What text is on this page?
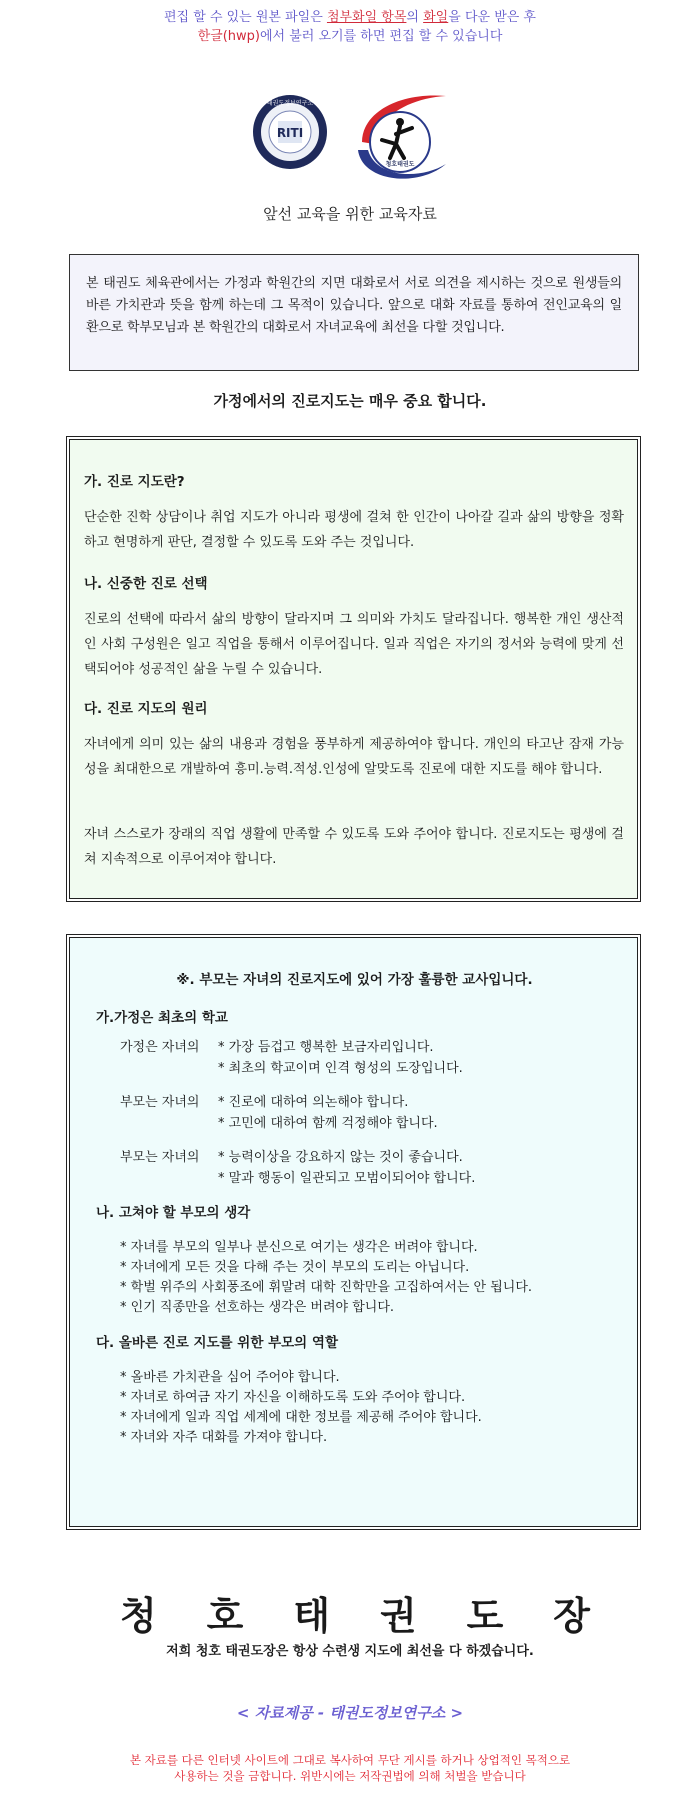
편집 할 수 있는 원본 파일은 첨부화일 항목의 화일을 다운 받은 후
한글(hwp)에서 불러 오기를 하면 편집 할 수 있습니다
RITI
태권도정보연구소
청호태권도
앞선 교육을 위한 교육자료
본 태권도 체육관에서는 가정과 학원간의 지면 대화로서 서로 의견을 제시하는 것으로 원생들의 바른 가치관과 뜻을 함께 하는데 그 목적이 있습니다. 앞으로 대화 자료를 통하여 전인교육의 일환으로 학부모님과 본 학원간의 대화로서 자녀교육에 최선을 다할 것입니다.
가정에서의 진로지도는 매우 중요 합니다.
가. 진로 지도란?
단순한 진학 상담이나 취업 지도가 아니라 평생에 걸쳐 한 인간이 나아갈 길과 삶의 방향을 정확하고 현명하게 판단, 결정할 수 있도록 도와 주는 것입니다.
나. 신중한 진로 선택
진로의 선택에 따라서 삶의 방향이 달라지며 그 의미와 가치도 달라집니다. 행복한 개인 생산적인 사회 구성원은 일고 직업을 통해서 이루어집니다. 일과 직업은 자기의 정서와 능력에 맞게 선택되어야 성공적인 삶을 누릴 수 있습니다.
다. 진로 지도의 원리
자녀에게 의미 있는 삶의 내용과 경험을 풍부하게 제공하여야 합니다. 개인의 타고난 잠재 가능성을 최대한으로 개발하여 흥미.능력.적성.인성에 알맞도록 진로에 대한 지도를 해야 합니다.
자녀 스스로가 장래의 직업 생활에 만족할 수 있도록 도와 주어야 합니다. 진로지도는 평생에 걸쳐 지속적으로 이루어져야 합니다.
※. 부모는 자녀의 진로지도에 있어 가장 훌륭한 교사입니다.
가.가정은 최초의 학교
가정은 자녀의 * 가장 듬겁고 행복한 보금자리입니다.
* 최초의 학교이며 인격 형성의 도장입니다.
부모는 자녀의 * 진로에 대하여 의논해야 합니다.
* 고민에 대하여 함께 걱정해야 합니다.
부모는 자녀의 * 능력이상을 강요하지 않는 것이 좋습니다.
* 말과 행동이 일관되고 모범이되어야 합니다.
나. 고쳐야 할 부모의 생각
* 자녀를 부모의 일부나 분신으로 여기는 생각은 버려야 합니다.
* 자녀에게 모든 것을 다해 주는 것이 부모의 도리는 아닙니다.
* 학벌 위주의 사회풍조에 휘말려 대학 진학만을 고집하여서는 안 됩니다.
* 인기 직종만을 선호하는 생각은 버려야 합니다.
다. 올바른 진로 지도를 위한 부모의 역할
* 올바른 가치관을 심어 주어야 합니다.
* 자녀로 하여금 자기 자신을 이해하도록 도와 주어야 합니다.
* 자녀에게 일과 직업 세계에 대한 정보를 제공해 주어야 합니다.
* 자녀와 자주 대화를 가져야 합니다.
청 호 태 권 도 장
저희 청호 태권도장은 항상 수련생 지도에 최선을 다 하겠습니다.
< 자료제공 - 태권도정보연구소 >
본 자료를 다른 인터넷 사이트에 그대로 복사하여 무단 게시를 하거나 상업적인 목적으로
사용하는 것을 금합니다. 위반시에는 저작권법에 의해 처벌을 받습니다
